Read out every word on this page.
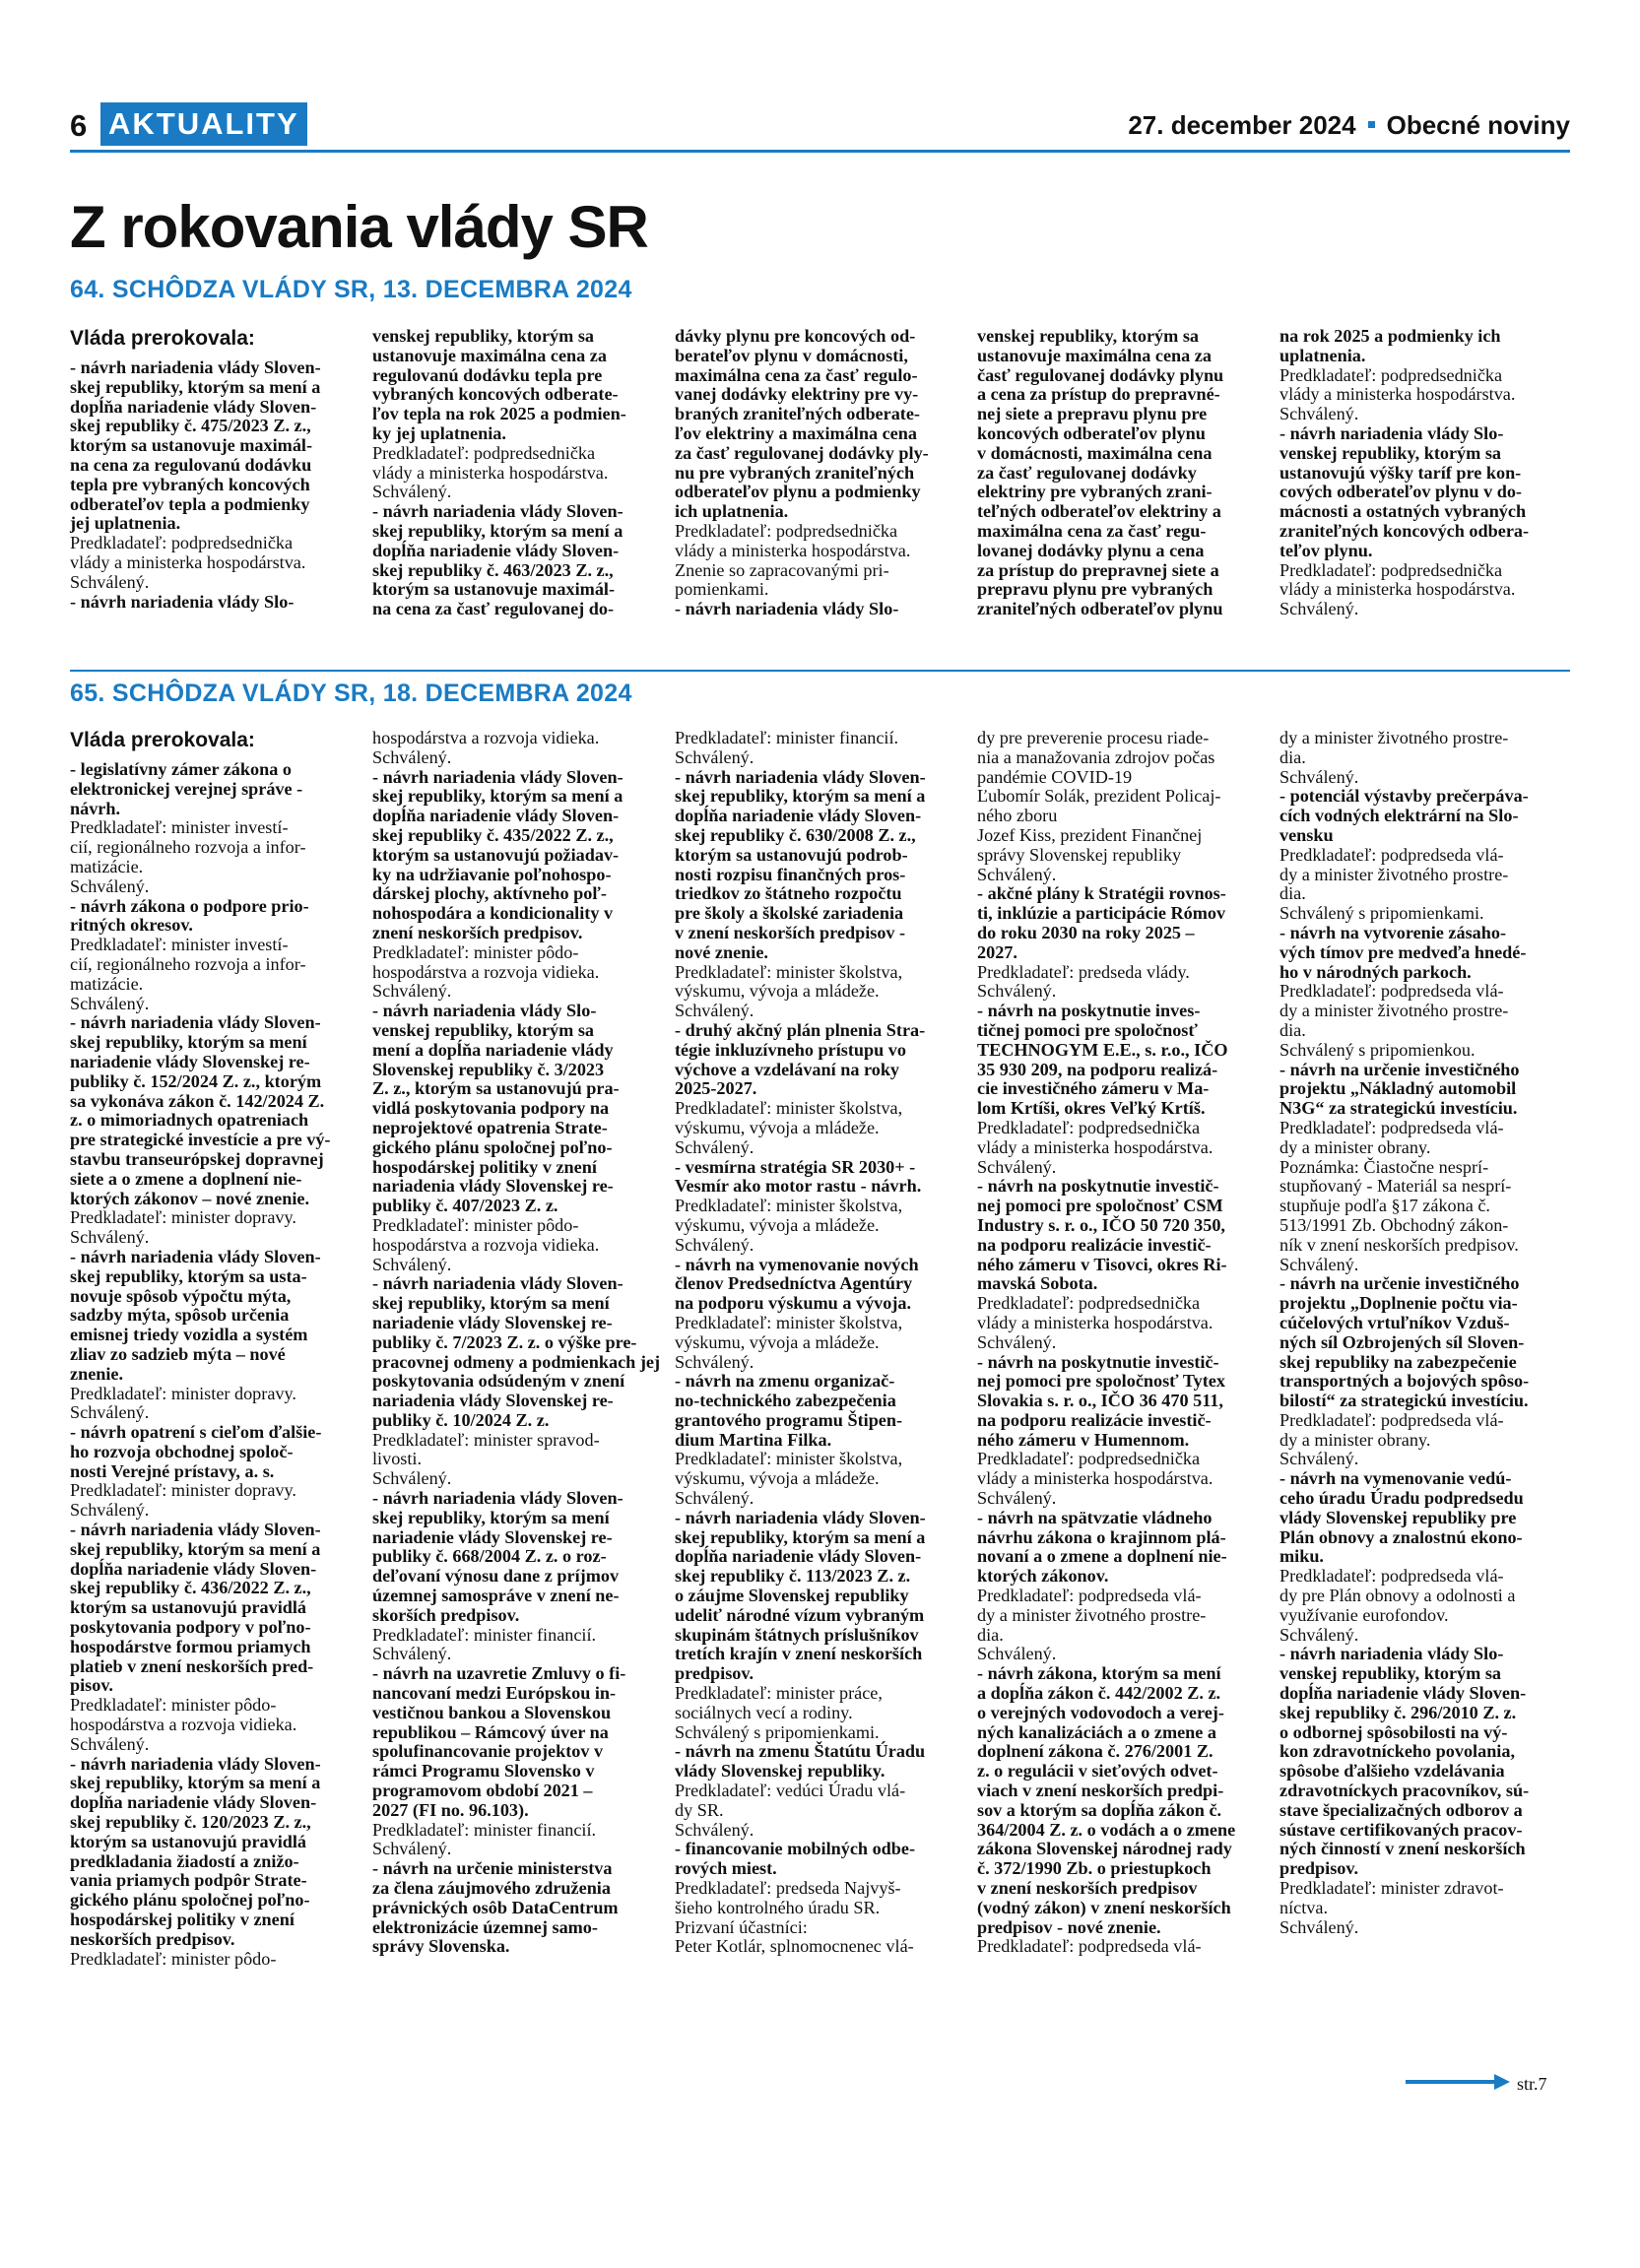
6 AKTUALITY	27. december 2024 Obecné noviny
Z rokovania vlády SR
64. SCHÔDZA VLÁDY SR, 13. DECEMBRA 2024
Vláda prerokovala:
- návrh nariadenia vlády Sloven-
skej republiky, ktorým sa mení a
dopĺňa nariadenie vlády Sloven-
skej republiky č. 475/2023 Z. z.,
ktorým sa ustanovuje maximál-
na cena za regulovanú dodávku
tepla pre vybraných koncových
odberateľov tepla a podmienky
jej uplatnenia.
Predkladateľ: podpredsednička
vlády a ministerka hospodárstva.
Schválený.
- návrh nariadenia vlády Slo-
venskej republiky, ktorým sa
ustanovuje maximálna cena za
regulovanú dodávku tepla pre
vybraných koncových odberate-
ľov tepla na rok 2025 a podmien-
ky jej uplatnenia.
Predkladateľ: podpredsednička
vlády a ministerka hospodárstva.
Schválený.
- návrh nariadenia vlády Sloven-
skej republiky, ktorým sa mení a
dopĺňa nariadenie vlády Sloven-
skej republiky č. 463/2023 Z. z.,
ktorým sa ustanovuje maximál-
na cena za časť regulovanej do-
dávky plynu pre koncových od-
berateľov plynu v domácnosti,
maximálna cena za časť regulo-
vanej dodávky elektriny pre vy-
braných zraniteľných odberate-
ľov elektriny a maximálna cena
za časť regulovanej dodávky ply-
nu pre vybraných zraniteľných
odberateľov plynu a podmienky
ich uplatnenia.
Predkladateľ: podpredsednička
vlády a ministerka hospodárstva.
Znenie so zapracovanými pri-
pomienkami.
- návrh nariadenia vlády Slo-
venskej republiky, ktorým sa
ustanovuje maximálna cena za
časť regulovanej dodávky plynu
a cena za prístup do prepravné-
nej siete a prepravu plynu pre
koncových odberateľov plynu
v domácnosti, maximálna cena
za časť regulovanej dodávky
elektriny pre vybraných zrani-
teľných odberateľov elektriny a
maximálna cena za časť regu-
lovanej dodávky plynu a cena
za prístup do prepravnej siete a
prepravu plynu pre vybraných
zraniteľných odberateľov plynu
na rok 2025 a podmienky ich
uplatnenia.
Predkladateľ: podpredsednička
vlády a ministerka hospodárstva.
Schválený.
- návrh nariadenia vlády Slo-
venskej republiky, ktorým sa
ustanovujú výšky taríf pre kon-
cových odberateľov plynu v do-
mácnosti a ostatných vybraných
zraniteľných koncových odbera-
teľov plynu.
Predkladateľ: podpredsednička
vlády a ministerka hospodárstva.
Schválený.
65. SCHÔDZA VLÁDY SR, 18. DECEMBRA 2024
Vláda prerokovala:
- legislatívny zámer zákona o
elektronickej verejnej správe -
návrh.
Predkladateľ: minister investí-
cií, regionálneho rozvoja a infor-
matizácie.
Schválený.
- návrh zákona o podpore prio-
ritných okresov.
Predkladateľ: minister investí-
cií, regionálneho rozvoja a infor-
matizácie.
Schválený.
- návrh nariadenia vlády Sloven-
skej republiky, ktorým sa mení
nariadenie vlády Slovenskej re-
publiky č. 152/2024 Z. z., ktorým
sa vykonáva zákon č. 142/2024 Z.
z. o mimoriadnych opatreniach
pre strategické investície a pre vý-
stavbu transeurópskej dopravnej
siete a o zmene a doplnení nie-
ktorých zákonov – nové znenie.
Predkladateľ: minister dopravy.
Schválený.
- návrh nariadenia vlády Sloven-
skej republiky, ktorým sa usta-
novuje spôsob výpočtu mýta,
sadzby mýta, spôsob určenia
emisnej triedy vozidla a systém
zliav zo sadzieb mýta – nové
znenie.
Predkladateľ: minister dopravy.
Schválený.
- návrh opatrení s cieľom ďalšie-
ho rozvoja obchodnej spoloč-
nosti Verejné prístavy, a. s.
Predkladateľ: minister dopravy.
Schválený.
- návrh nariadenia vlády Sloven-
skej republiky, ktorým sa mení a
dopĺňa nariadenie vlády Sloven-
skej republiky č. 436/2022 Z. z.,
ktorým sa ustanovujú pravidlá
poskytovania podpory v poľno-
hospodárstve formou priamych
platieb v znení neskorších pred-
pisov.
Predkladateľ: minister pôdo-
hospodárstva a rozvoja vidieka.
Schválený.
- návrh nariadenia vlády Sloven-
skej republiky, ktorým sa mení a
dopĺňa nariadenie vlády Sloven-
skej republiky č. 120/2023 Z. z.,
ktorým sa ustanovujú pravidlá
predkladania žiadostí a znižo-
vania priamych podpôr Strate-
gického plánu spoločnej poľno-
hospodárskej politiky v znení
neskorších predpisov.
Predkladateľ: minister pôdo-
hospodárstva a rozvoja vidieka.
Schválený.
- návrh nariadenia vlády Sloven-
skej republiky, ktorým sa mení a
dopĺňa nariadenie vlády Sloven-
skej republiky č. 435/2022 Z. z.,
ktorým sa ustanovujú požiadav-
ky na udržiavanie poľnohospo-
dárskej plochy, aktívneho poľ-
nohospodára a kondicionality v
znení neskorších predpisov.
Predkladateľ: minister pôdo-
hospodárstva a rozvoja vidieka.
Schválený.
- návrh nariadenia vlády Slo-
venskej republiky, ktorým sa
mení a dopĺňa nariadenie vlády
Slovenskej republiky č. 3/2023
Z. z., ktorým sa ustanovujú pra-
vidlá poskytovania podpory na
neprojektové opatrenia Strate-
gického plánu spoločnej poľno-
hospodárskej politiky v znení
nariadenia vlády Slovenskej re-
publiky č. 407/2023 Z. z.
Predkladateľ: minister pôdo-
hospodárstva a rozvoja vidieka.
Schválený.
- návrh nariadenia vlády Sloven-
skej republiky, ktorým sa mení
nariadenie vlády Slovenskej re-
publiky č. 7/2023 Z. z. o výške pre-
pracovnej odmeny a podmienkach jej
poskytovania odsúdeným v znení
nariadenia vlády Slovenskej re-
publiky č. 10/2024 Z. z.
Predkladateľ: minister spravod-
livosti.
Schválený.
- návrh nariadenia vlády Sloven-
skej republiky, ktorým sa mení
nariadenie vlády Slovenskej re-
publiky č. 668/2004 Z. z. o roz-
deľovaní výnosu dane z príjmov
územnej samospráve v znení ne-
skorších predpisov.
Predkladateľ: minister financií.
Schválený.
- návrh na uzavretie Zmluvy o fi-
nancovaní medzi Európskou in-
vestičnou bankou a Slovenskou
republikou – Rámcový úver na
spolufinancovanie projektov v
rámci Programu Slovensko v
programovom období 2021 –
2027 (FI no. 96.103).
Predkladateľ: minister financií.
Schválený.
- návrh na určenie ministerstva
za člena záujmového združenia
právnických osôb DataCentrum
elektronizácie územnej samo-
správy Slovenska.
Predkladateľ: minister financií.
Schválený.
- návrh nariadenia vlády Sloven-
skej republiky, ktorým sa mení a
dopĺňa nariadenie vlády Sloven-
skej republiky č. 630/2008 Z. z.,
ktorým sa ustanovujú podrob-
nosti rozpisu finančných pros-
triedkov zo štátneho rozpočtu
pre školy a školské zariadenia
v znení neskorších predpisov -
nové znenie.
Predkladateľ: minister školstva,
výskumu, vývoja a mládeže.
Schválený.
- druhý akčný plán plnenia Stra-
tégie inkluzívneho prístupu vo
výchove a vzdelávaní na roky
2025-2027.
Predkladateľ: minister školstva,
výskumu, vývoja a mládeže.
Schválený.
- vesmírna stratégia SR 2030+ -
Vesmír ako motor rastu - návrh.
Predkladateľ: minister školstva,
výskumu, vývoja a mládeže.
Schválený.
- návrh na vymenovanie nových
členov Predsedníctva Agentúry
na podporu výskumu a vývoja.
Predkladateľ: minister školstva,
výskumu, vývoja a mládeže.
Schválený.
- návrh na zmenu organizač-
no-technického zabezpečenia
grantového programu Štipen-
dium Martina Filka.
Predkladateľ: minister školstva,
výskumu, vývoja a mládeže.
Schválený.
- návrh nariadenia vlády Sloven-
skej republiky, ktorým sa mení a
dopĺňa nariadenie vlády Sloven-
skej republiky č. 113/2023 Z. z.
o záujme Slovenskej republiky
udeliť národné vízum vybraným
skupinám štátnych príslušníkov
tretích krajín v znení neskorších
predpisov.
Predkladateľ: minister práce,
sociálnych vecí a rodiny.
Schválený s pripomienkami.
- návrh na zmenu Štatútu Úradu
vlády Slovenskej republiky.
Predkladateľ: vedúci Úradu vlá-
dy SR.
Schválený.
- financovanie mobilných odbe-
rových miest.
Predkladateľ: predseda Najvyš-
šieho kontrolného úradu SR.
Prizvaní účastníci:
Peter Kotlár, splnomocnenec vlá-
dy pre preverenie procesu riade-
nia a manažovania zdrojov počas
pandémie COVID-19
Ľubomír Solák, prezident Policaj-
ného zboru
Jozef Kiss, prezident Finančnej
správy Slovenskej republiky
Schválený.
- akčné plány k Stratégii rovnos-
ti, inklúzie a participácie Rómov
do roku 2030 na roky 2025 –
2027.
Predkladateľ: predseda vlády.
Schválený.
- návrh na poskytnutie inves-
tičnej pomoci pre spoločnosť
TECHNOGYM E.E., s. r.o., IČO
35 930 209, na podporu realizá-
cie investičného zámeru v Ma-
lom Krtíši, okres Veľký Krtíš.
Predkladateľ: podpredsednička
vlády a ministerka hospodárstva.
Schválený.
- návrh na poskytnutie investič-
nej pomoci pre spoločnosť CSM
Industry s. r. o., IČO 50 720 350,
na podporu realizácie investič-
ného zámeru v Tisovci, okres Ri-
mavská Sobota.
Predkladateľ: podpredsednička
vlády a ministerka hospodárstva.
Schválený.
- návrh na poskytnutie investič-
nej pomoci pre spoločnosť Tytex
Slovakia s. r. o., IČO 36 470 511,
na podporu realizácie investič-
ného zámeru v Humennom.
Predkladateľ: podpredsednička
vlády a ministerka hospodárstva.
Schválený.
- návrh na spätvzatie vládneho
návrhu zákona o krajinnom plá-
novaní a o zmene a doplnení nie-
ktorých zákonov.
Predkladateľ: podpredseda vlá-
dy a minister životného prostre-
dia.
Schválený.
- návrh zákona, ktorým sa mení
a dopĺňa zákon č. 442/2002 Z. z.
o verejných vodovodoch a verej-
ných kanalizáciách a o zmene a
doplnení zákona č. 276/2001 Z.
z. o regulácii v sieťových odvet-
viach v znení neskorších predpi-
sov a ktorým sa dopĺňa zákon č.
364/2004 Z. z. o vodách a o zmene
zákona Slovenskej národnej rady
č. 372/1990 Zb. o priestupkoch
v znení neskorších predpisov
(vodný zákon) v znení neskorších
predpisov - nové znenie.
Predkladateľ: podpredseda vlá-
dy a minister životného prostre-
dia.
Schválený.
- potenciál výstavby prečerpáva-
cích vodných elektrární na Slo-
vensku
Predkladateľ: podpredseda vlá-
dy a minister životného prostre-
dia.
Schválený s pripomienkami.
- návrh na vytvorenie zásaho-
vých tímov pre medveďa hnedé-
ho v národných parkoch.
Predkladateľ: podpredseda vlá-
dy a minister životného prostre-
dia.
Schválený s pripomienkou.
- návrh na určenie investičného
projektu „Nákladný automobil
N3G“ za strategickú investíciu.
Predkladateľ: podpredseda vlá-
dy a minister obrany.
Poznámka: Čiastočne nesprí-
stupňovaný - Materiál sa nesprí-
stupňuje podľa §17 zákona č.
513/1991 Zb. Obchodný zákon-
ník v znení neskorších predpisov.
Schválený.
- návrh na určenie investičného
projektu „Doplnenie počtu via-
cúčelových vrtuľníkov Vzduš-
ných síl Ozbrojených síl Sloven-
skej republiky na zabezpečenie
transportných a bojových spôso-
bilostí“ za strategickú investíciu.
Predkladateľ: podpredseda vlá-
dy a minister obrany.
Schválený.
- návrh na vymenovanie vedú-
ceho úradu Úradu podpredsedu
vlády Slovenskej republiky pre
Plán obnovy a znalostnú ekono-
miku.
Predkladateľ: podpredseda vlá-
dy pre Plán obnovy a odolnosti a
využívanie eurofondov.
Schválený.
- návrh nariadenia vlády Slo-
venskej republiky, ktorým sa
dopĺňa nariadenie vlády Sloven-
skej republiky č. 296/2010 Z. z.
o odbornej spôsobilosti na vý-
kon zdravotníckeho povolania,
spôsobe ďalšieho vzdelávania
zdravotníckych pracovníkov, sú-
stave špecializačných odborov a
sústave certifikovaných pracov-
ných činností v znení neskorších
predpisov.
Predkladateľ: minister zdravot-
níctva.
Schválený.
str.7
